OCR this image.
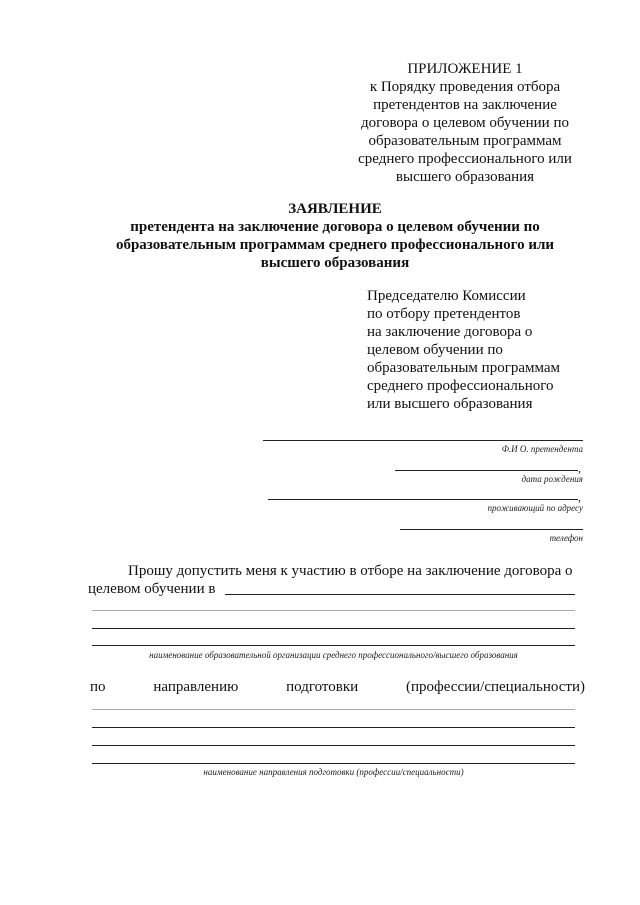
ПРИЛОЖЕНИЕ 1
к Порядку проведения отбора
претендентов на заключение
договора о целевом обучении по
образовательным программам
среднего профессионального или
высшего образования
ЗАЯВЛЕНИЕ
претендента на заключение договора о целевом обучении по
образовательным программам среднего профессионального или
высшего образования
Председателю Комиссии
по отбору претендентов
на заключение договора о
целевом обучении по
образовательным программам
среднего профессионального
или высшего образования
Ф.И О. претендента
,
дата рождения
,
проживающий по адресу
телефон
Прошу допустить меня к участию в отборе на заключение договора о
целевом обучении в
наименование образовательной организации среднего профессионального/высшего образования
по	направлению	подготовки	(профессии/специальности)
наименование направления подготовки (профессии/специальности)
